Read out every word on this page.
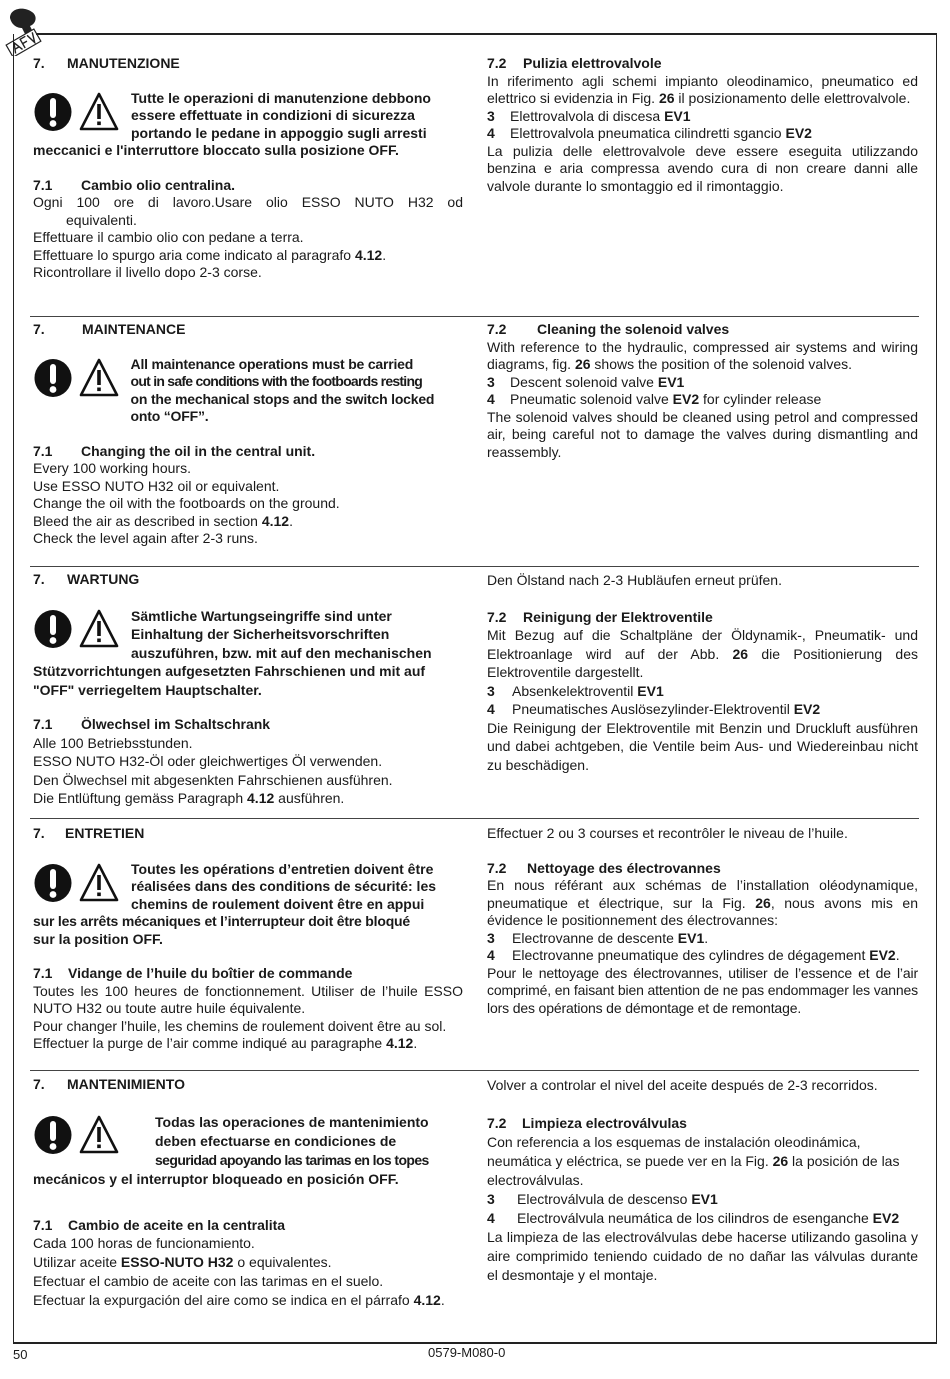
7.	MANUTENZIONE
Tutte le operazioni di manutenzione debbono
essere effettuate in condizioni di sicurezza
portando le pedane in appoggio sugli arresti
meccanici e l'interruttore bloccato sulla posizione OFF.
7.1	Cambio olio centralina.
Ogni 100 ore di lavoro.Usare olio ESSO NUTO H32 od
equivalenti.
Effettuare il cambio olio con pedane a terra.
Effettuare lo spurgo aria come indicato al paragrafo 4.12.
Ricontrollare il livello dopo 2-3 corse.
7.2	Pulizia elettrovalvole
In riferimento agli schemi impianto oleodinamico, pneumatico ed elettrico si evidenzia in Fig. 26 il posizionamento delle elettrovalvole.
3	Elettrovalvola di discesa EV1
4	Elettrovalvola pneumatica cilindretti sgancio EV2
La pulizia delle elettrovalvole deve essere eseguita utilizzando benzina e aria compressa avendo cura di non creare danni alle valvole durante lo smontaggio ed il rimontaggio.
7.	MAINTENANCE
All maintenance operations must be carried
out in safe conditions with the footboards resting
on the mechanical stops and the switch locked
onto “OFF”.
7.1	Changing the oil in the central unit.
Every 100 working hours.
Use ESSO NUTO H32 oil or equivalent.
Change the oil with the footboards on the ground.
Bleed the air as described in section 4.12.
Check the level again after 2-3 runs.
7.2	Cleaning the solenoid valves
With reference to the hydraulic, compressed air systems and wiring diagrams, fig. 26 shows the position of the solenoid valves.
3	Descent solenoid valve EV1
4	Pneumatic solenoid valve EV2 for cylinder release
The solenoid valves should be cleaned using petrol and compressed air, being careful not to damage the valves during dismantling and reassembly.
7.	WARTUNG
Sämtliche Wartungseingriffe sind unter
Einhaltung der Sicherheitsvorschriften
auszuführen, bzw. mit auf den mechanischen
Stützvorrichtungen aufgesetzten Fahrschienen und mit auf
"OFF" verriegeltem Hauptschalter.
7.1	Ölwechsel im Schaltschrank
Alle 100 Betriebsstunden.
ESSO NUTO H32-Öl oder gleichwertiges Öl verwenden.
Den Ölwechsel mit abgesenkten Fahrschienen ausführen.
Die Entlüftung gemäss Paragraph 4.12 ausführen.
Den Ölstand nach 2-3 Hubläufen erneut prüfen.
7.2	Reinigung der Elektroventile
Mit Bezug auf die Schaltpläne der Öldynamik-, Pneumatik- und Elektroanlage wird auf der Abb. 26 die Positionierung des Elektroventile dargestellt.
3	Absenkelektroventil EV1
4	Pneumatisches Auslösezylinder-Elektroventil EV2
Die Reinigung der Elektroventile mit Benzin und Druckluft ausführen und dabei achtgeben, die Ventile beim Aus- und Wiedereinbau nicht zu beschädigen.
7.	ENTRETIEN
Toutes les opérations d’entretien doivent être
réalisées dans des conditions de sécurité: les
chemins de roulement doivent être en appui
sur les arrêts mécaniques et l’interrupteur doit être bloqué
sur la position OFF.
7.1	Vidange de l’huile du boîtier de commande
Toutes les 100 heures de fonctionnement. Utiliser de l’huile ESSO NUTO H32 ou toute autre huile équivalente.
Pour changer l’huile, les chemins de roulement doivent être au sol.
Effectuer la purge de l’air comme indiqué au paragraphe 4.12.
Effectuer 2 ou 3 courses et recontrôler le niveau de l’huile.
7.2	Nettoyage des électrovannes
En nous référant aux schémas de l’installation oléodynamique, pneumatique et électrique, sur la Fig. 26, nous avons mis en évidence le positionnement des électrovannes:
3	Electrovanne de descente EV1.
4	Electrovanne pneumatique des cylindres de dégagement EV2.
Pour le nettoyage des électrovannes, utiliser de l’essence et de l’air comprimé, en faisant bien attention de ne pas endommager les vannes lors des opérations de démontage et de remontage.
7.	MANTENIMIENTO
Todas las operaciones de mantenimiento
deben efectuarse en condiciones de
seguridad apoyando las tarimas en los topes
mecánicos y el interruptor bloqueado en posición OFF.
7.1	Cambio de aceite en la centralita
Cada 100 horas de funcionamiento.
Utilizar aceite ESSO-NUTO H32 o equivalentes.
Efectuar el cambio de aceite con las tarimas en el suelo.
Efectuar la expurgación del aire como se indica en el párrafo 4.12.
Volver a controlar el nivel del aceite después de 2-3 recorridos.
7.2	Limpieza electroválvulas
Con referencia a los esquemas de instalación oleodinámica, neumática y eléctrica, se puede ver en la Fig. 26 la posición de las electroválvulas.
3	Electroválvula de descenso EV1
4	Electroválvula neumática de los cilindros de esenganche EV2
La limpieza de las electroválvulas debe hacerse utilizando gasolina y aire comprimido teniendo cuidado de no dañar las válvulas durante el desmontaje y el montaje.
50	0579-M080-0
